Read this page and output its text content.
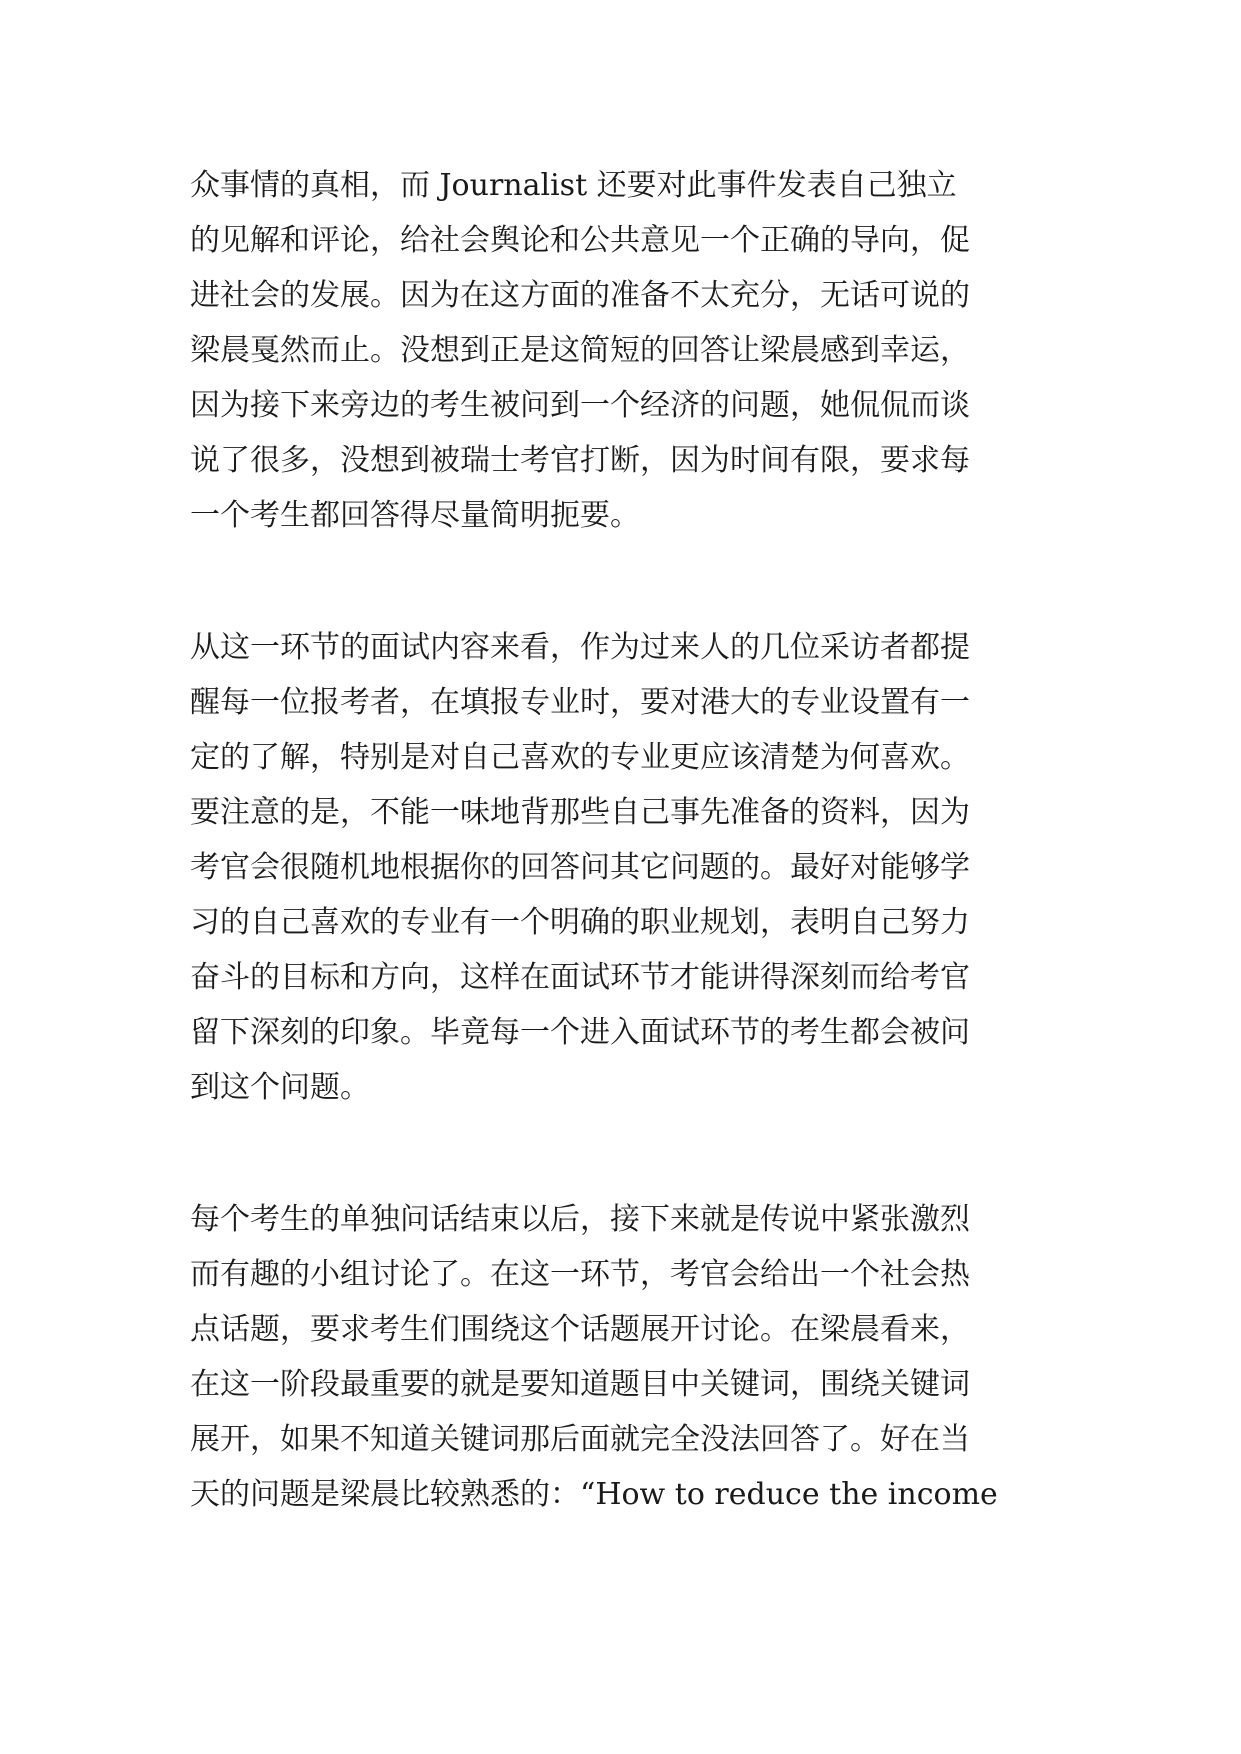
众事情的真相，而 Journalist 还要对此事件发表自己独立

的见解和评论，给社会舆论和公共意见一个正确的导向，促

进社会的发展。因为在这方面的准备不太充分，无话可说的

梁晨戛然而止。没想到正是这简短的回答让梁晨感到幸运，

因为接下来旁边的考生被问到一个经济的问题，她侃侃而谈

说了很多，没想到被瑞士考官打断，因为时间有限，要求每

一个考生都回答得尽量简明扼要。

从这一环节的面试内容来看，作为过来人的几位采访者都提

醒每一位报考者，在填报专业时，要对港大的专业设置有一

定的了解，特别是对自己喜欢的专业更应该清楚为何喜欢。

要注意的是，不能一味地背那些自己事先准备的资料，因为

考官会很随机地根据你的回答问其它问题的。最好对能够学

习的自己喜欢的专业有一个明确的职业规划，表明自己努力

奋斗的目标和方向，这样在面试环节才能讲得深刻而给考官

留下深刻的印象。毕竟每一个进入面试环节的考生都会被问

到这个问题。

每个考生的单独问话结束以后，接下来就是传说中紧张激烈

而有趣的小组讨论了。在这一环节，考官会给出一个社会热

点话题，要求考生们围绕这个话题展开讨论。在梁晨看来，

在这一阶段最重要的就是要知道题目中关键词，围绕关键词

展开，如果不知道关键词那后面就完全没法回答了。好在当

天的问题是梁晨比较熟悉的：“How to reduce the income
